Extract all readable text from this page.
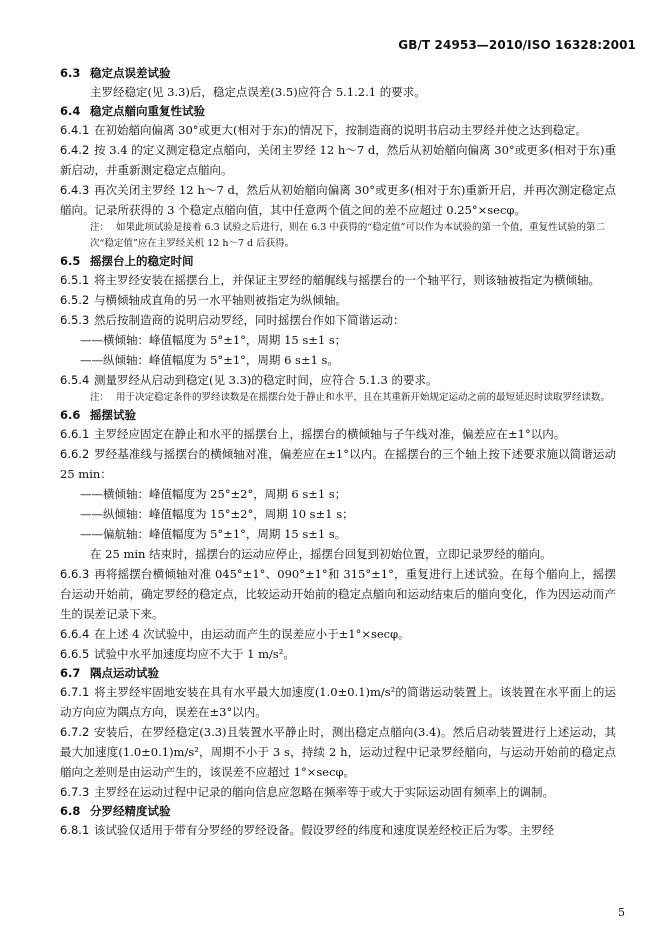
GB/T 24953—2010/ISO 16328:2001
6.3 稳定点误差试验
主罗经稳定(见 3.3)后，稳定点误差(3.5)应符合 5.1.2.1 的要求。
6.4 稳定点艏向重复性试验
6.4.1 在初始艏向偏离 30°或更大(相对于东)的情况下，按制造商的说明书启动主罗经并使之达到稳定。
6.4.2 按 3.4 的定义测定稳定点艏向，关闭主罗经 12 h～7 d，然后从初始艏向偏离 30°或更多(相对于东)重新启动，并重新测定稳定点艏向。
6.4.3 再次关闭主罗经 12 h～7 d，然后从初始艏向偏离 30°或更多(相对于东)重新开启，并再次测定稳定点艏向。记录所获得的 3 个稳定点艏向值，其中任意两个值之间的差不应超过 0.25°×secφ。
注： 如果此项试验是接着 6.3 试验之后进行，则在 6.3 中获得的“稳定值”可以作为本试验的第一个值，重复性试验的第二次“稳定值”应在主罗经关机 12 h～7 d 后获得。
6.5 摇摆台上的稳定时间
6.5.1 将主罗经安装在摇摆台上，并保证主罗经的艏艉线与摇摆台的一个轴平行，则该轴被指定为横倾轴。
6.5.2 与横倾轴成直角的另一水平轴则被指定为纵倾轴。
6.5.3 然后按制造商的说明启动罗经，同时摇摆台作如下简谐运动：
——横倾轴：峰值幅度为 5°±1°，周期 15 s±1 s；
——纵倾轴：峰值幅度为 5°±1°，周期 6 s±1 s。
6.5.4 测量罗经从启动到稳定(见 3.3)的稳定时间，应符合 5.1.3 的要求。
注： 用于决定稳定条件的罗经读数是在摇摆台处于静止和水平，且在其重新开始规定运动之前的最短延迟时读取罗经读数。
6.6 摇摆试验
6.6.1 主罗经应固定在静止和水平的摇摆台上，摇摆台的横倾轴与子午线对准，偏差应在±1°以内。
6.6.2 罗经基准线与摇摆台的横倾轴对准，偏差应在±1°以内。在摇摆台的三个轴上按下述要求施以简谐运动 25 min：
——横倾轴：峰值幅度为 25°±2°，周期 6 s±1 s；
——纵倾轴：峰值幅度为 15°±2°，周期 10 s±1 s；
——偏航轴：峰值幅度为 5°±1°，周期 15 s±1 s。
在 25 min 结束时，摇摆台的运动应停止，摇摆台回复到初始位置，立即记录罗经的艏向。
6.6.3 再将摇摆台横倾轴对准 045°±1°、090°±1°和 315°±1°，重复进行上述试验。在每个艏向上，摇摆台运动开始前，确定罗经的稳定点，比较运动开始前的稳定点艏向和运动结束后的艏向变化，作为因运动而产生的误差记录下来。
6.6.4 在上述 4 次试验中，由运动而产生的误差应小于±1°×secφ。
6.6.5 试验中水平加速度均应不大于 1 m/s²。
6.7 隅点运动试验
6.7.1 将主罗经牢固地安装在具有水平最大加速度(1.0±0.1)m/s²的简谐运动装置上。该装置在水平面上的运动方向应为隅点方向，误差在±3°以内。
6.7.2 安装后，在罗经稳定(3.3)且装置水平静止时，测出稳定点艏向(3.4)。然后启动装置进行上述运动，其最大加速度(1.0±0.1)m/s²，周期不小于 3 s，持续 2 h，运动过程中记录罗经艏向，与运动开始前的稳定点艏向之差则是由运动产生的，该误差不应超过 1°×secφ。
6.7.3 主罗经在运动过程中记录的艏向信息应忽略在频率等于或大于实际运动固有频率上的调制。
6.8 分罗经精度试验
6.8.1 该试验仅适用于带有分罗经的罗经设备。假设罗经的纬度和速度误差经校正后为零。主罗经
5
